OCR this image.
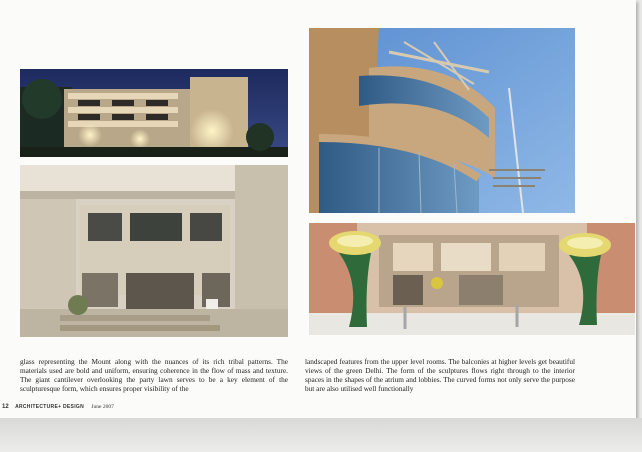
glass representing the Mount along with the nuances of its rich tribal patterns. The materials used are bold and uniform, ensuring coherence in the flow of mass and texture. The giant cantilever overlooking the party lawn serves to be a key element of the sculpturesque form, which ensures proper visibility of the
landscaped features from the upper level rooms. The balconies at higher levels get beautiful views of the green Delhi. The form of the sculptures flows right through to the interior spaces in the shapes of the atrium and lobbies. The curved forms not only serve the purpose but are also utilised well functionally
12 ARCHITECTURE+ DESIGN June 2007
